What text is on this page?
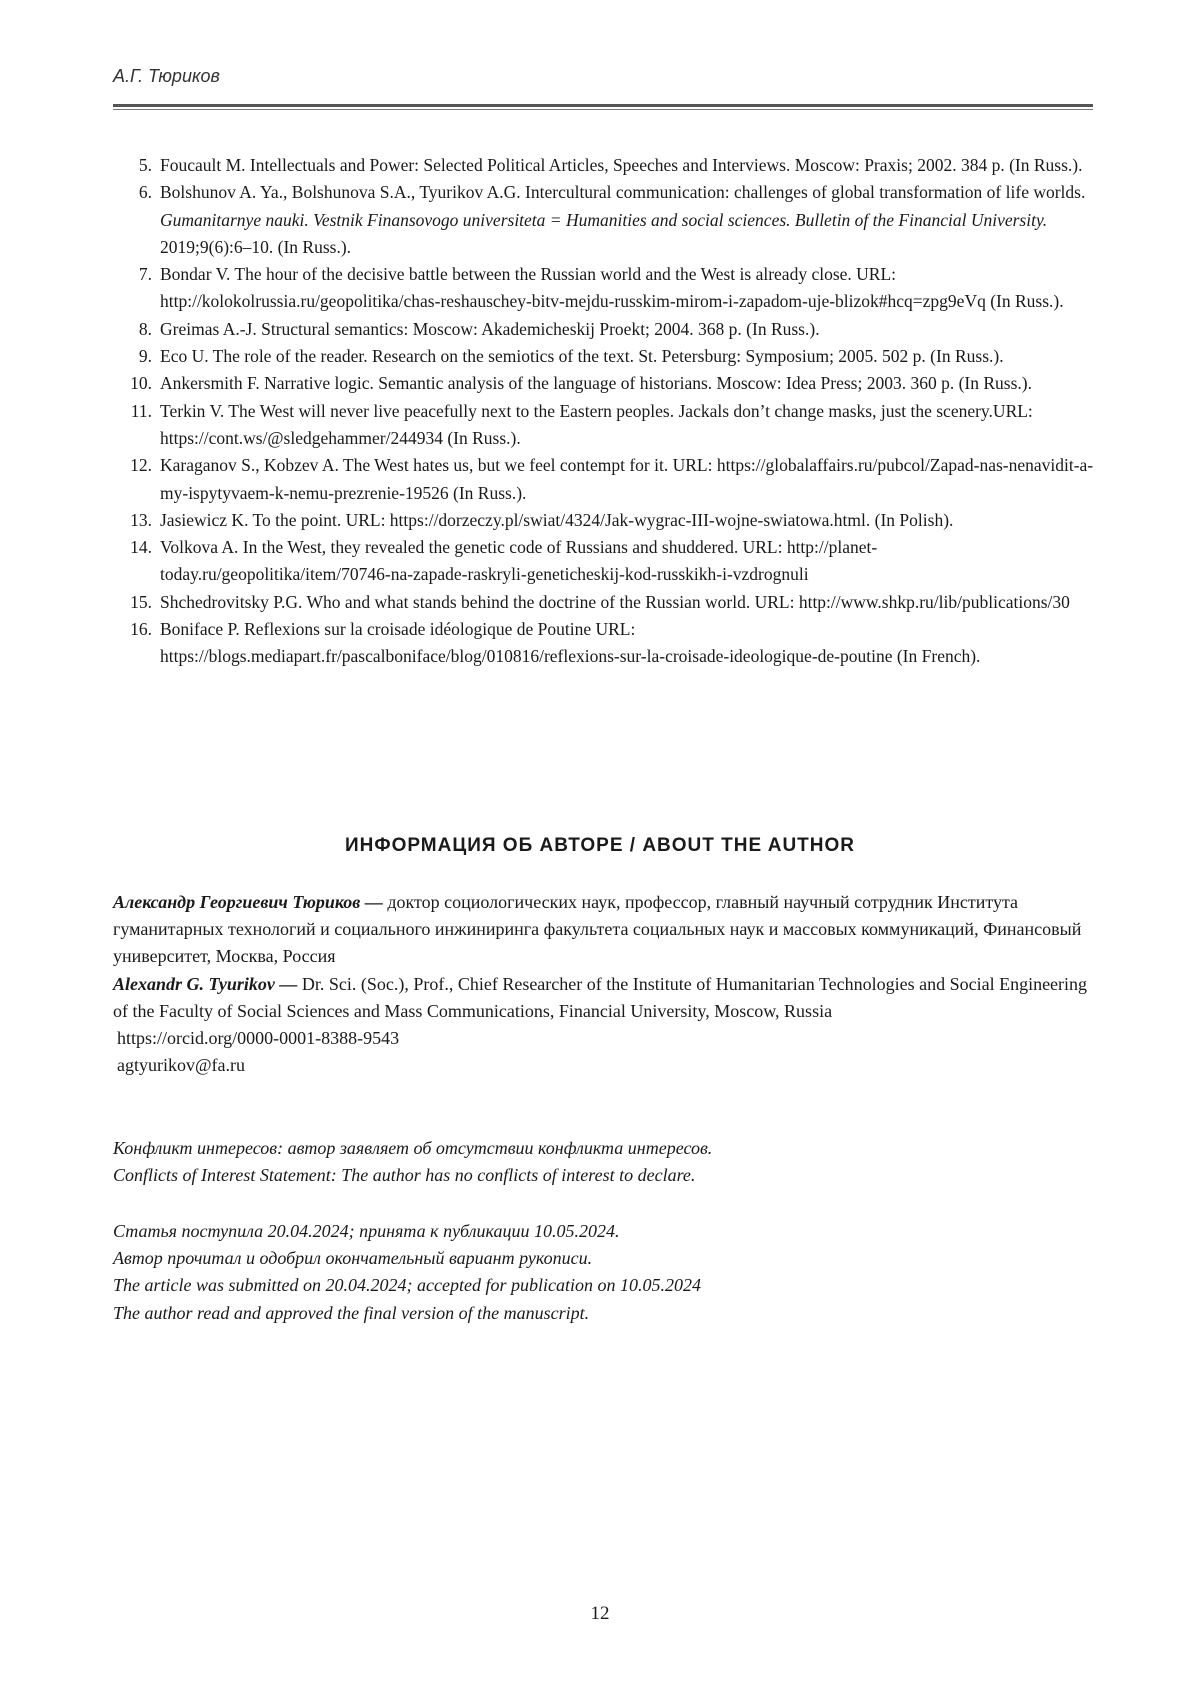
А.Г. Тюриков
5. Foucault M. Intellectuals and Power: Selected Political Articles, Speeches and Interviews. Moscow: Praxis; 2002. 384 p. (In Russ.).
6. Bolshunov A. Ya., Bolshunova S.A., Tyurikov A.G. Intercultural communication: challenges of global transformation of life worlds. Gumanitarnye nauki. Vestnik Finansovogo universiteta = Humanities and social sciences. Bulletin of the Financial University. 2019;9(6):6–10. (In Russ.).
7. Bondar V. The hour of the decisive battle between the Russian world and the West is already close. URL: http://kolokolrussia.ru/geopolitika/chas-reshauschey-bitv-mejdu-russkim-mirom-i-zapadom-uje-blizok#hcq=zpg9eVq (In Russ.).
8. Greimas A.-J. Structural semantics: Moscow: Akademicheskij Proekt; 2004. 368 p. (In Russ.).
9. Eco U. The role of the reader. Research on the semiotics of the text. St. Petersburg: Symposium; 2005. 502 p. (In Russ.).
10. Ankersmith F. Narrative logic. Semantic analysis of the language of historians. Moscow: Idea Press; 2003. 360 p. (In Russ.).
11. Terkin V. The West will never live peacefully next to the Eastern peoples. Jackals don’t change masks, just the scenery.URL: https://cont.ws/@sledgehammer/244934 (In Russ.).
12. Karaganov S., Kobzev A. The West hates us, but we feel contempt for it. URL: https://globalaffairs.ru/pubcol/Zapad-nas-nenavidit-a-my-ispytyvaem-k-nemu-prezrenie-19526 (In Russ.).
13. Jasiewicz K. To the point. URL: https://dorzeczy.pl/swiat/4324/Jak-wygrac-III-wojne-swiatowa.html. (In Polish).
14. Volkova A. In the West, they revealed the genetic code of Russians and shuddered. URL: http://planet-today.ru/geopolitika/item/70746-na-zapade-raskryli-geneticheskij-kod-russkikh-i-vzdrognuli
15. Shchedrovitsky P.G. Who and what stands behind the doctrine of the Russian world. URL: http://www.shkp.ru/lib/publications/30
16. Boniface P. Reflexions sur la croisade idéologique de Poutine URL: https://blogs.mediapart.fr/pascalboniface/blog/010816/reflexions-sur-la-croisade-ideologique-de-poutine (In French).
ИНФОРМАЦИЯ ОБ АВТОРЕ / ABOUT THE AUTHOR

Александр Георгиевич Тюриков — доктор социологических наук, профессор, главный научный сотрудник Института гуманитарных технологий и социального инжиниринга факультета социальных наук и массовых коммуникаций, Финансовый университет, Москва, Россия

Alexandr G. Tyurikov — Dr. Sci. (Soc.), Prof., Chief Researcher of the Institute of Humanitarian Technologies and Social Engineering of the Faculty of Social Sciences and Mass Communications, Financial University, Moscow, Russia

https://orcid.org/0000-0001-8388-9543

agtyurikov@fa.ru

Конфликт интересов: автор заявляет об отсутствии конфликта интересов.

Conflicts of Interest Statement: The author has no conflicts of interest to declare.

Статья поступила 20.04.2024; принята к публикации 10.05.2024.

Автор прочитал и одобрил окончательный вариант рукописи.

The article was submitted on 20.04.2024; accepted for publication on 10.05.2024

The author read and approved the final version of the manuscript.

12
